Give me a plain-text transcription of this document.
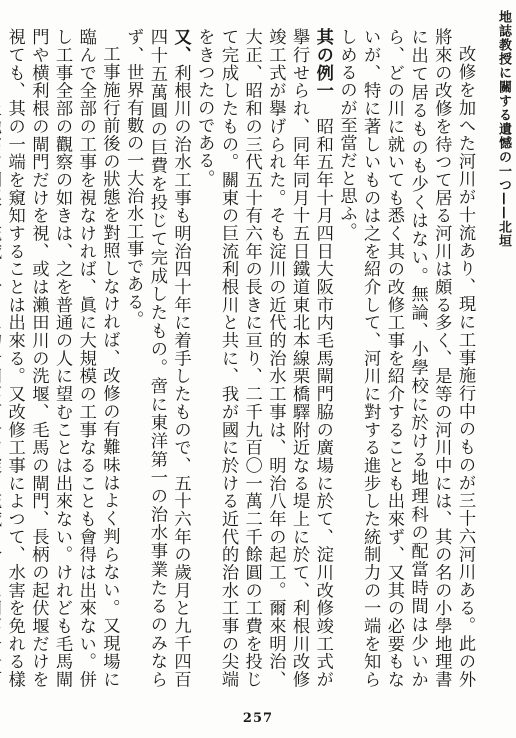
地誌教授に關する遺憾の一つ——北垣

改修を加へた河川が十流あり、現に工事施行中のものが三十六河川ある。此の外將來の改修を待つて居る河川は頗る多く、是等の河川中には、其の名の小學地理書に出て居るものも少くはない。無論、小學校に於ける地理科の配當時間は少いから、どの川に就いても悉く其の改修工事を紹介することも出來ず、又其の必要もないが、特に著しいものは之を紹介して、河川に對する進步した統制力の一端を知らしめるのが至當だと思ふ。

其の例一　昭和五年十月四日大阪市内毛馬閘門脇の廣場に於て、淀川改修竣工式が擧行せられ、同年同月十五日鐵道東北本線栗橋驛附近なる堤上に於て、利根川改修竣工式が擧げられた。そも淀川の近代的治水工事は、明治八年の起工。爾來明治、大正、昭和の三代五十有六年の長きに亘り、二千九百〇一萬二千餘圓の工費を投じて完成したもの。關東の巨流利根川と共に、我が國に於ける近代的治水工事の尖端をきつたのである。

又、利根川の治水工事も明治四十年に着手したもので、五十六年の歲月と九千四百四十五萬圓の巨費を投じて完成したもの。啻に東洋第一の治水事業たるのみならず、世界有數の一大治水工事である。

工事施行前後の狀態を對照しなければ、改修の有難味はよく判らない。又現場に臨んで全部の工事を視なければ、眞に大規模の工事なることも會得は出來ない。併し工事全部の觀察の如きは、之を普通の人に望むことは出來ない。けれども毛馬閘門や横利根の閘門だけを視、或は瀨田川の洗堰、毛馬の閘門、長柄の起伏堰だけを視ても、其の一端を窺知することは出來る。又改修工事によつて、水害を免れる樣

257
